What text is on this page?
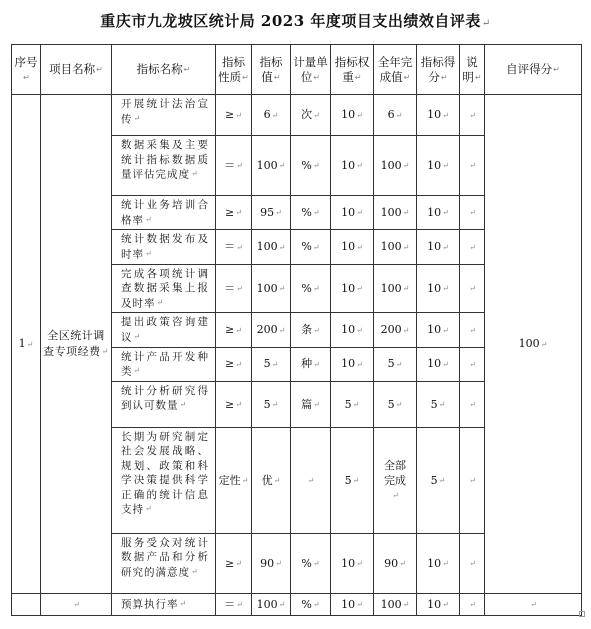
重庆市九龙坡区统计局 2023 年度项目支出绩效自评表↵
序号↵	项目名称↵	指标名称↵	指标性质↵	指标值↵	计量单位↵	指标权重↵	全年完成值↵	指标得分↵	说明↵	自评得分↵
1↵	全区统计调查专项经费↵	开展统计法治宣传↵	≥↵	6↵	次↵	10↵	6↵	10↵	↵	100↵
		数据采集及主要统计指标数据质量评估完成度↵	＝↵	100↵	%↵	10↵	100↵	10↵	↵	
		统计业务培训合格率↵	≥↵	95↵	%↵	10↵	100↵	10↵	↵	
		统计数据发布及时率↵	＝↵	100↵	%↵	10↵	100↵	10↵	↵	
		完成各项统计调查数据采集上报及时率↵	＝↵	100↵	%↵	10↵	100↵	10↵	↵	
		提出政策咨询建议↵	≥↵	200↵	条↵	10↵	200↵	10↵	↵	
		统计产品开发种类↵	≥↵	5↵	种↵	10↵	5↵	10↵	↵	
		统计分析研究得到认可数量↵	≥↵	5↵	篇↵	5↵	5↵	5↵	↵	
		长期为研究制定社会发展战略、规划、政策和科学决策提供科学正确的统计信息支持↵	定性↵	优↵	↵	5↵	全部完成↵	5↵	↵	
		服务受众对统计数据产品和分析研究的满意度↵	≥↵	90↵	%↵	10↵	90↵	10↵	↵	
	↵	预算执行率↵	＝↵	100↵	%↵	10↵	100↵	10↵	↵	↵
